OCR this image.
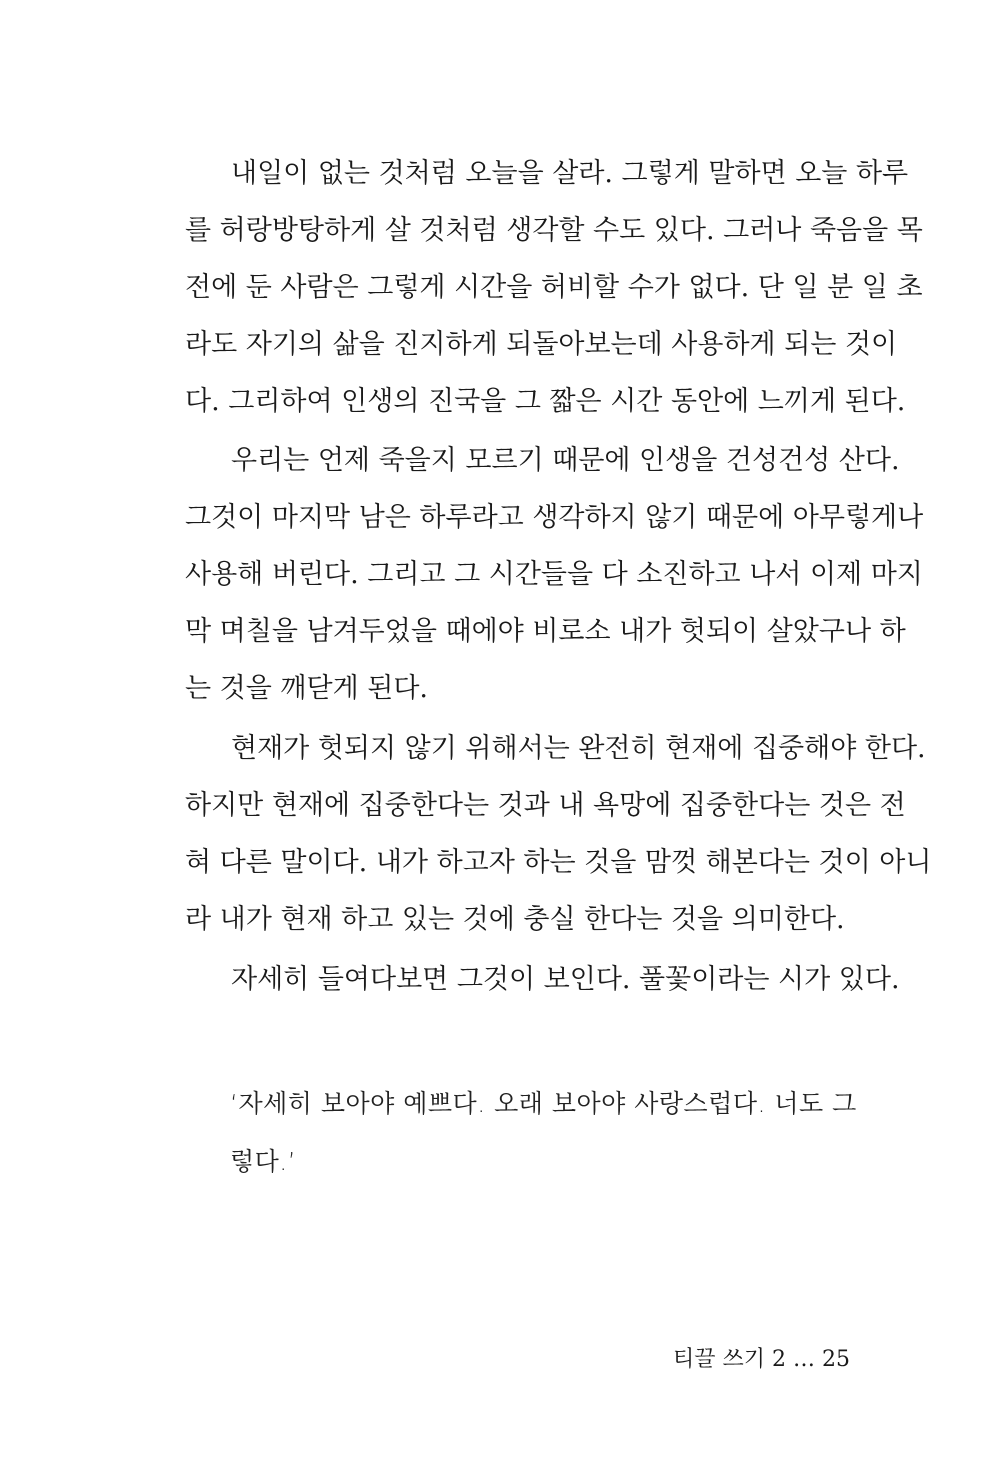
내일이 없는 것처럼 오늘을 살라. 그렇게 말하면 오늘 하루
를 허랑방탕하게 살 것처럼 생각할 수도 있다. 그러나 죽음을 목
전에 둔 사람은 그렇게 시간을 허비할 수가 없다. 단 일 분 일 초
라도 자기의 삶을 진지하게 되돌아보는데 사용하게 되는 것이
다. 그리하여 인생의 진국을 그 짧은 시간 동안에 느끼게 된다.
우리는 언제 죽을지 모르기 때문에 인생을 건성건성 산다.
그것이 마지막 남은 하루라고 생각하지 않기 때문에 아무렇게나
사용해 버린다. 그리고 그 시간들을 다 소진하고 나서 이제 마지
막 며칠을 남겨두었을 때에야 비로소 내가 헛되이 살았구나 하
는 것을 깨닫게 된다.
현재가 헛되지 않기 위해서는 완전히 현재에 집중해야 한다.
하지만 현재에 집중한다는 것과 내 욕망에 집중한다는 것은 전
혀 다른 말이다. 내가 하고자 하는 것을 맘껏 해본다는 것이 아니
라 내가 현재 하고 있는 것에 충실 한다는 것을 의미한다.
자세히 들여다보면 그것이 보인다. 풀꽃이라는 시가 있다.
‘자세히 보아야 예쁘다. 오래 보아야 사랑스럽다. 너도 그
렇다.’
티끌 쓰기 2 … 25
